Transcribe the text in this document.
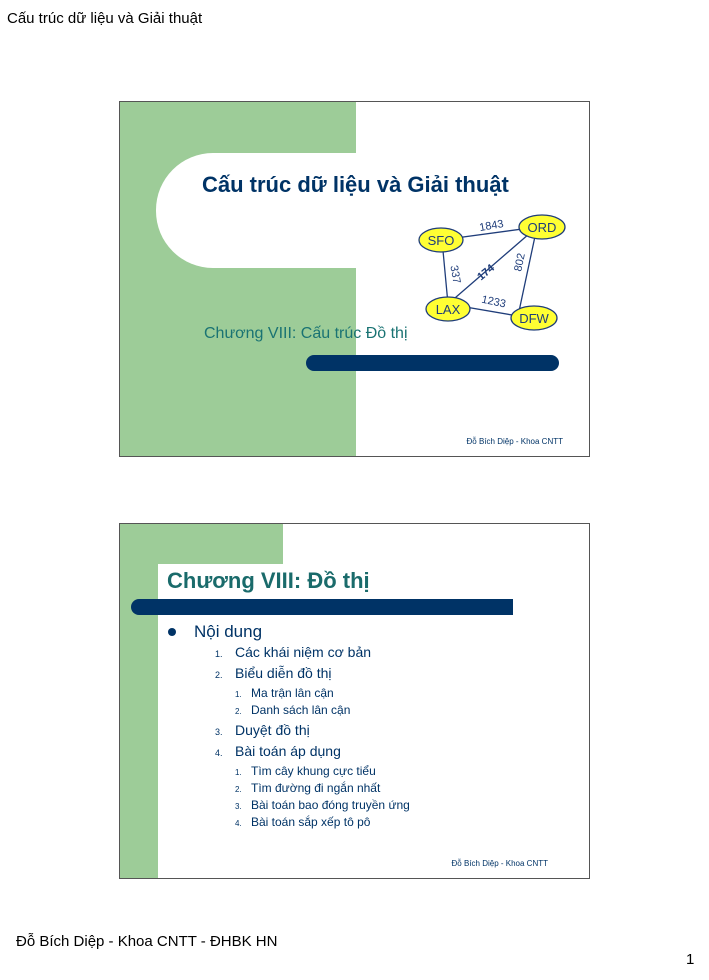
Cấu trúc dữ liệu và Giải thuật
Cấu trúc dữ liệu và Giải thuật
SFO
ORD
LAX
DFW
1843
337 174 802
1233
Chương VIII: Cấu trúc Đồ thị
Đỗ Bích Diệp - Khoa CNTT
Chương VIII: Đồ thị
Nội dung
1. Các khái niệm cơ bản
2. Biểu diễn đồ thị
1. Ma trận lân cận
2. Danh sách lân cận
3. Duyệt đồ thị
4. Bài toán áp dụng
1. Tìm cây khung cực tiểu
2. Tìm đường đi ngắn nhất
3. Bài toán bao đóng truyền ứng
4. Bài toán sắp xếp tô pô
Đỗ Bích Diệp - Khoa CNTT
Đỗ Bích Diệp - Khoa CNTT - ĐHBK HN
1
